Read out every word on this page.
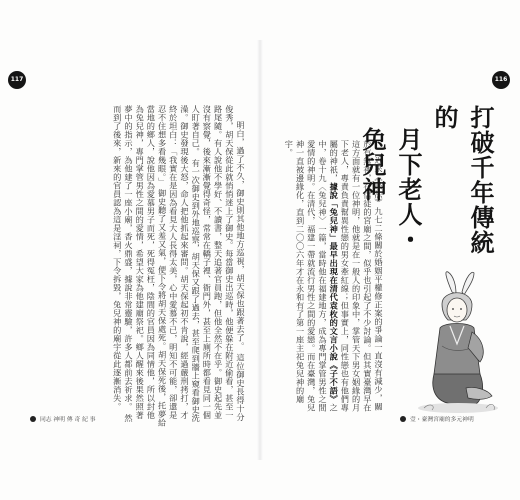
117	116

明白，過了不久，御史則其他地方巡視，胡天保也跟著去了。 這位御史長得十分俊秀，胡天保從此就悄悄迷上了御史。每當御史出巡時，他便躲在附近偷看，甚至一路尾隨。有人說他不學好、不讀書，整天追著官員跑，但他全然不在乎。御史起先並沒有察覺，後來漸漸覺得奇怪，常常在轎子裡、衙門外，甚至上廁所時都看見同一個人盯著自己。 有一次御史到外地巡察，胡天保又跟了過去，甚至爬到牆上窺看御史洗澡。御史發現後大怒，命人把他抓起來審問。胡天保起初不肯說，經過嚴刑拷打，才終於坦白：「我實在是因為看見大人長得太美，心中愛慕不已，明知不可能，卻還是忍不住想多看幾眼。」 御史聽了又羞又氣，便下令將胡天保處死。胡天保死後，托夢給當地的鄉人，說他因為愛慕男子而死，死得冤枉，陰間的官員因為同情他，所以封他為兔兒神，專門掌管男性之間的愛情，希望大家為他建廟祭祀。鄉人醒來後果然照著夢中的指示，為他建了一座小廟，香火鼎盛，據說非常靈驗，許多人都前去祈求。 然而到了後來，新來的官員認為這是淫祠，下令拆毀，兔兒神的廟宇從此逐漸消失。	近來《民法》九七二條關於婚姻平權修正案的爭論一直沒有減少，關於有無神，在信徒的宮廟之間，似乎也引起了不少討論。但其實臺灣早在這方面就有一位神明，他就是在一般人的印象中，掌管天下男女姻緣的月下老人，專責負責幫異性戀的男女牽紅線；但事實上，同性戀也有他們專屬的神祇，據說「兔兒神」最早出現在清代袁枚的文言小說《子不語》之中，卷十九〈兔兒神〉一篇，當時他在福建地方，成為專門掌管男性之間愛情的神明。在清代，福建一帶就流行男性之間的愛戀。而在臺灣，兔兒神一直被邊緣化，直到二〇〇六年才在永和有了第一座主祀兔兒神的廟宇。	打破千年傳統的
月下老人・兔兒神
同志 神明 傳 奇 紀 事	壹・臺灣宮廟的多元神明
